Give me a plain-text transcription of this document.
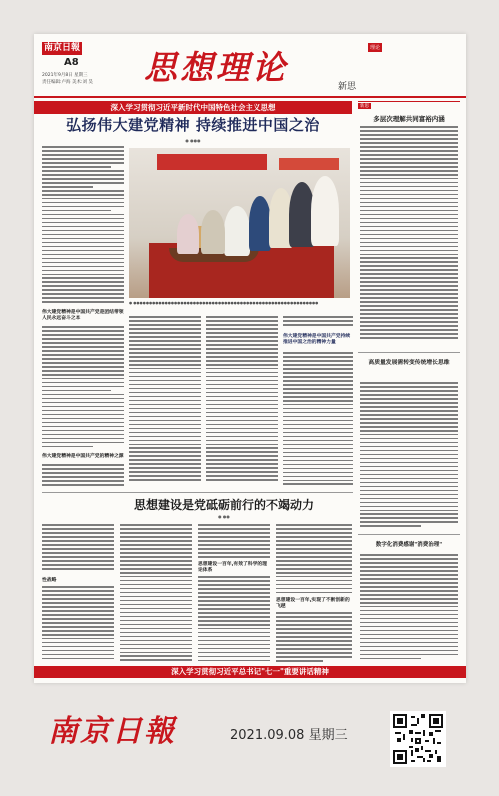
南京日報
A8
2021年9月8日 星期三
责任编辑:卢海 美术:刘 昊 思想理论	理论
新思
深入学习贯彻习近平新时代中国特色社会主义思想
弘扬伟大建党精神 持续推进中国之治
● ●●●
● ●●●●●●●●●●●●●●●●●●●●●●●●●●●●●●●●●●●●●●●●●●●●●●●●●●●●●●●●●●●
伟大建党精神是中国共产党是团结带领人民永远奋斗之本
伟大建党精神是中国共产党的精神之源
伟大建党精神是中国共产党持续推进中国之治的精神力量
思想建设是党砥砺前行的不竭动力
● ●●
性战略
思想建设一百年,有效了科学的理论体系
思想建设一百年,实现了不断创新的飞越
新思
多层次理解共同富裕内涵
高质量发展需转变传统增长思维
数字化消费感谢"消费治理"
深入学习贯彻习近平总书记"七一"重要讲话精神
南京日報	2021.09.08 星期三
